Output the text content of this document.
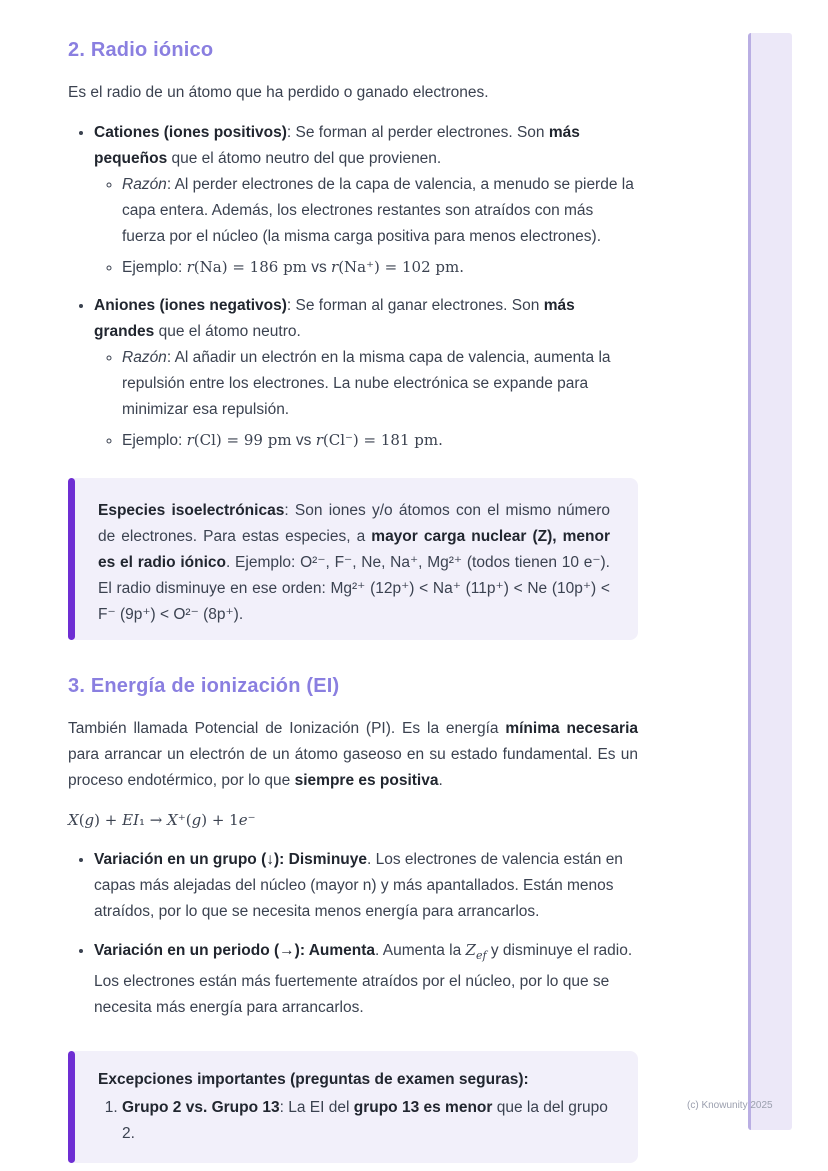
(c) Knowunity 2025
2. Radio iónico

Es el radio de un átomo que ha perdido o ganado electrones.

• Cationes (iones positivos): Se forman al perder electrones. Son más pequeños que el átomo neutro del que provienen.
◦ Razón: Al perder electrones de la capa de valencia, a menudo se pierde la capa entera. Además, los electrones restantes son atraídos con más fuerza por el núcleo (la misma carga positiva para menos electrones).
◦ Ejemplo: r(Na) = 186 pm vs r(Na⁺) = 102 pm.
• Aniones (iones negativos): Se forman al ganar electrones. Son más grandes que el átomo neutro.
◦ Razón: Al añadir un electrón en la misma capa de valencia, aumenta la repulsión entre los electrones. La nube electrónica se expande para minimizar esa repulsión.
◦ Ejemplo: r(Cl) = 99 pm vs r(Cl⁻) = 181 pm.

Especies isoelectrónicas: Son iones y/o átomos con el mismo número de electrones. Para estas especies, a mayor carga nuclear (Z), menor es el radio iónico. Ejemplo: O²⁻, F⁻, Ne, Na⁺, Mg²⁺ (todos tienen 10 e⁻). El radio disminuye en ese orden: Mg²⁺ (12p⁺) < Na⁺ (11p⁺) < Ne (10p⁺) < F⁻ (9p⁺) < O²⁻ (8p⁺).

3. Energía de ionización (EI)

También llamada Potencial de Ionización (PI). Es la energía mínima necesaria para arrancar un electrón de un átomo gaseoso en su estado fundamental. Es un proceso endotérmico, por lo que siempre es positiva.

X(g) + EI₁ → X⁺(g) + 1e⁻

• Variación en un grupo (↓): Disminuye. Los electrones de valencia están en capas más alejadas del núcleo (mayor n) y más apantallados. Están menos atraídos, por lo que se necesita menos energía para arrancarlos.
• Variación en un periodo (→): Aumenta. Aumenta la $Z_{ef}$ y disminuye el radio. Los electrones están más fuertemente atraídos por el núcleo, por lo que se necesita más energía para arrancarlos.

Excepciones importantes (preguntas de examen seguras):

1. Grupo 2 vs. Grupo 13: La EI del grupo 13 es menor que la del grupo 2.
